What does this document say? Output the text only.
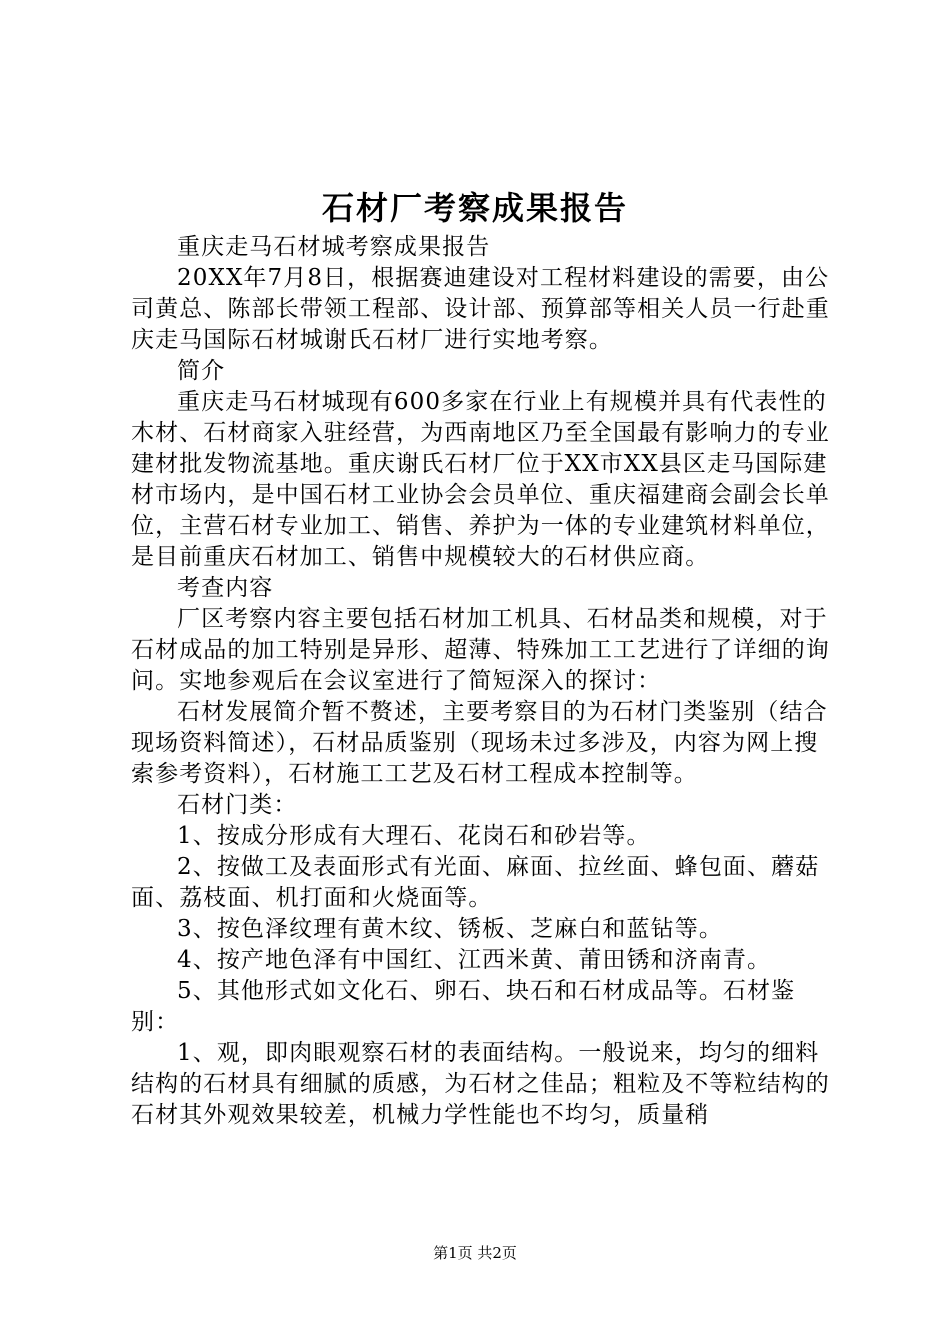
石材厂考察成果报告

重庆走马石材城考察成果报告

20XX年7月8日，根据赛迪建设对工程材料建设的需要，由公司黄总、陈部长带领工程部、设计部、预算部等相关人员一行赴重庆走马国际石材城谢氏石材厂进行实地考察。

简介

重庆走马石材城现有600多家在行业上有规模并具有代表性的木材、石材商家入驻经营，为西南地区乃至全国最有影响力的专业建材批发物流基地。重庆谢氏石材厂位于XX市XX县区走马国际建材市场内，是中国石材工业协会会员单位、重庆福建商会副会长单位，主营石材专业加工、销售、养护为一体的专业建筑材料单位，是目前重庆石材加工、销售中规模较大的石材供应商。

考查内容

厂区考察内容主要包括石材加工机具、石材品类和规模，对于石材成品的加工特别是异形、超薄、特殊加工工艺进行了详细的询问。实地参观后在会议室进行了简短深入的探讨：

石材发展简介暂不赘述，主要考察目的为石材门类鉴别（结合现场资料简述），石材品质鉴别（现场未过多涉及，内容为网上搜索参考资料），石材施工工艺及石材工程成本控制等。

石材门类：

1、按成分形成有大理石、花岗石和砂岩等。

2、按做工及表面形式有光面、麻面、拉丝面、蜂包面、蘑菇面、荔枝面、机打面和火烧面等。

3、按色泽纹理有黄木纹、锈板、芝麻白和蓝钻等。

4、按产地色泽有中国红、江西米黄、莆田锈和济南青。

5、其他形式如文化石、卵石、块石和石材成品等。石材鉴别：

1、观，即肉眼观察石材的表面结构。一般说来，均匀的细料结构的石材具有细腻的质感，为石材之佳品；粗粒及不等粒结构的石材其外观效果较差，机械力学性能也不均匀，质量稍

第1页 共2页
